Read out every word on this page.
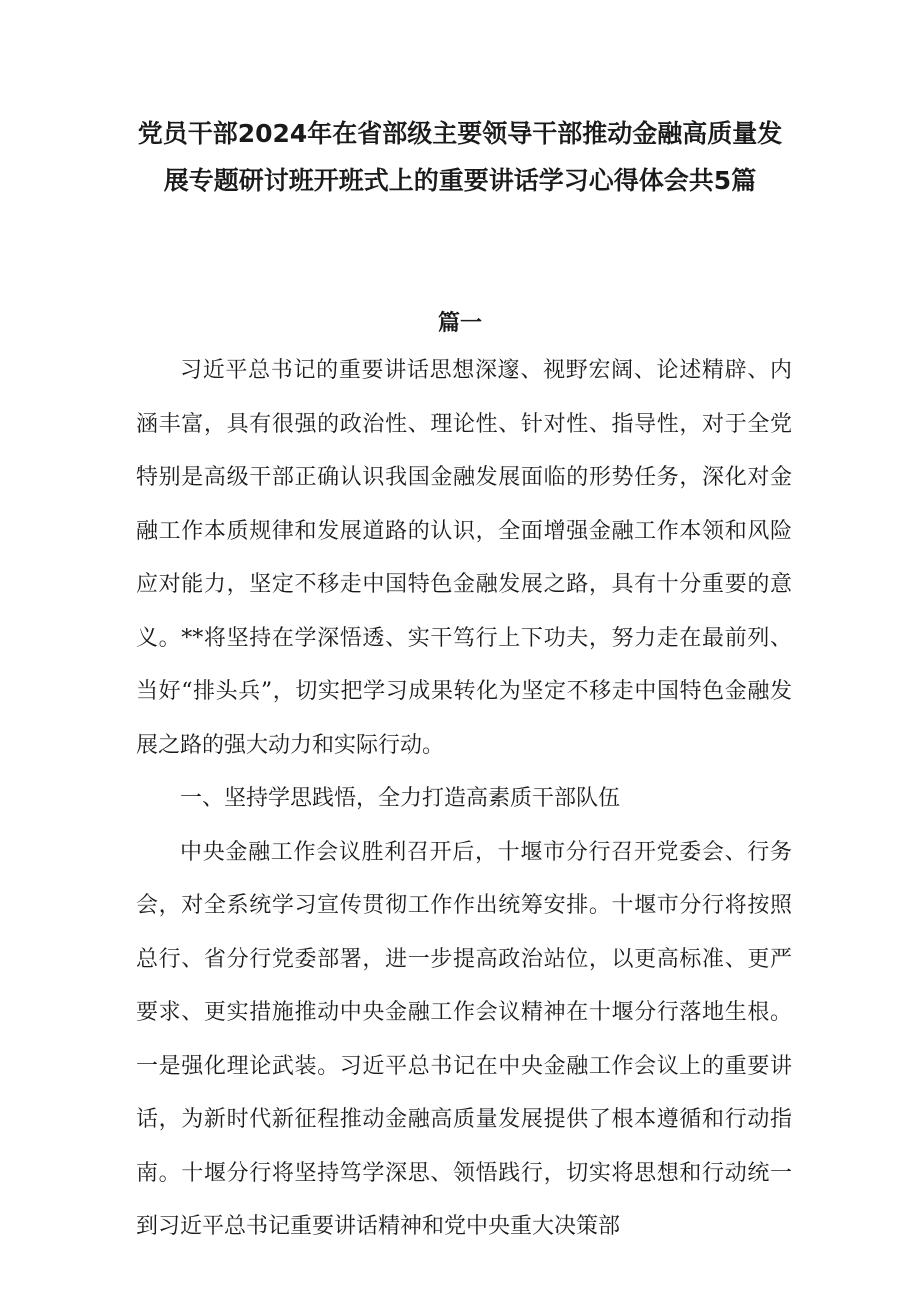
党员干部2024年在省部级主要领导干部推动金融高质量发展专题研讨班开班式上的重要讲话学习心得体会共5篇
篇一

习近平总书记的重要讲话思想深邃、视野宏阔、论述精辟、内涵丰富，具有很强的政治性、理论性、针对性、指导性，对于全党特别是高级干部正确认识我国金融发展面临的形势任务，深化对金融工作本质规律和发展道路的认识，全面增强金融工作本领和风险应对能力，坚定不移走中国特色金融发展之路，具有十分重要的意义。**将坚持在学深悟透、实干笃行上下功夫，努力走在最前列、当好“排头兵”，切实把学习成果转化为坚定不移走中国特色金融发展之路的强大动力和实际行动。

一、坚持学思践悟，全力打造高素质干部队伍

中央金融工作会议胜利召开后，十堰市分行召开党委会、行务会，对全系统学习宣传贯彻工作作出统筹安排。十堰市分行将按照总行、省分行党委部署，进一步提高政治站位，以更高标准、更严要求、更实措施推动中央金融工作会议精神在十堰分行落地生根。一是强化理论武装。习近平总书记在中央金融工作会议上的重要讲话，为新时代新征程推动金融高质量发展提供了根本遵循和行动指南。十堰分行将坚持笃学深思、领悟践行，切实将思想和行动统一到习近平总书记重要讲话精神和党中央重大决策部
